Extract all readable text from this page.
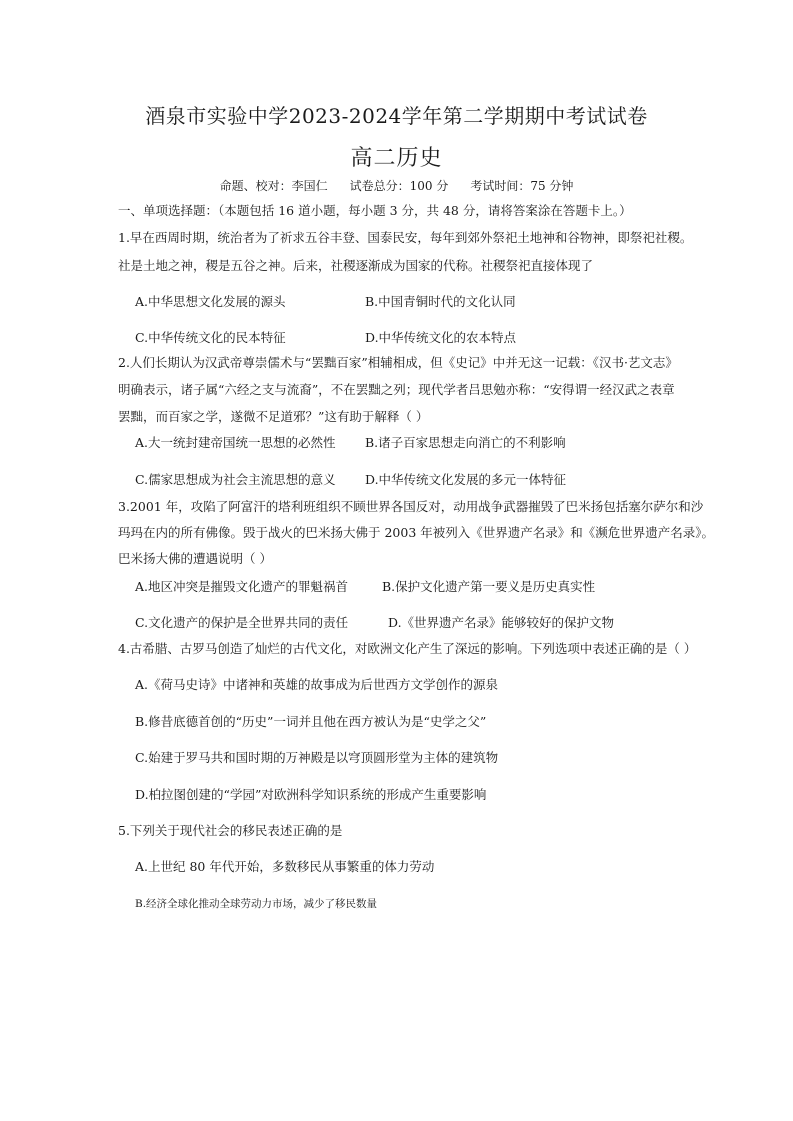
酒泉市实验中学2023-2024学年第二学期期中考试试卷
高二历史
命题、校对：李国仁 试卷总分：100 分 考试时间：75 分钟
一、单项选择题：（本题包括 16 道小题，每小题 3 分，共 48 分，请将答案涂在答题卡上。）
1.早在西周时期，统治者为了祈求五谷丰登、国泰民安，每年到郊外祭祀土地神和谷物神，即祭祀社稷。
社是土地之神，稷是五谷之神。后来，社稷逐渐成为国家的代称。社稷祭祀直接体现了
A.中华思想文化发展的源头	B.中国青铜时代的文化认同
C.中华传统文化的民本特征	D.中华传统文化的农本特点
2.人们长期认为汉武帝尊崇儒术与“罢黜百家”相辅相成，但《史记》中并无这一记载：《汉书·艺文志》
明确表示，诸子属“六经之支与流裔”，不在罢黜之列；现代学者吕思勉亦称：“安得谓一经汉武之表章
罢黜，而百家之学，遂微不足道邪？”这有助于解释（ ）
A.大一统封建帝国统一思想的必然性 B.诸子百家思想走向消亡的不利影响
C.儒家思想成为社会主流思想的意义 D.中华传统文化发展的多元一体特征
3.2001 年，攻陷了阿富汗的塔利班组织不顾世界各国反对，动用战争武器摧毁了巴米扬包括塞尔萨尔和沙
玛玛在内的所有佛像。毁于战火的巴米扬大佛于 2003 年被列入《世界遗产名录》和《濒危世界遗产名录》。
巴米扬大佛的遭遇说明（ ）
A.地区冲突是摧毁文化遗产的罪魁祸首	B.保护文化遗产第一要义是历史真实性
C.文化遗产的保护是全世界共同的责任	D.《世界遗产名录》能够较好的保护文物
4.古希腊、古罗马创造了灿烂的古代文化，对欧洲文化产生了深远的影响。下列选项中表述正确的是（ ）
A.《荷马史诗》中诸神和英雄的故事成为后世西方文学创作的源泉
B.修昔底德首创的“历史”一词并且他在西方被认为是“史学之父”
C.始建于罗马共和国时期的万神殿是以穹顶圆形堂为主体的建筑物
D.柏拉图创建的“学园”对欧洲科学知识系统的形成产生重要影响
5.下列关于现代社会的移民表述正确的是
A.上世纪 80 年代开始，多数移民从事繁重的体力劳动
B.经济全球化推动全球劳动力市场，减少了移民数量
